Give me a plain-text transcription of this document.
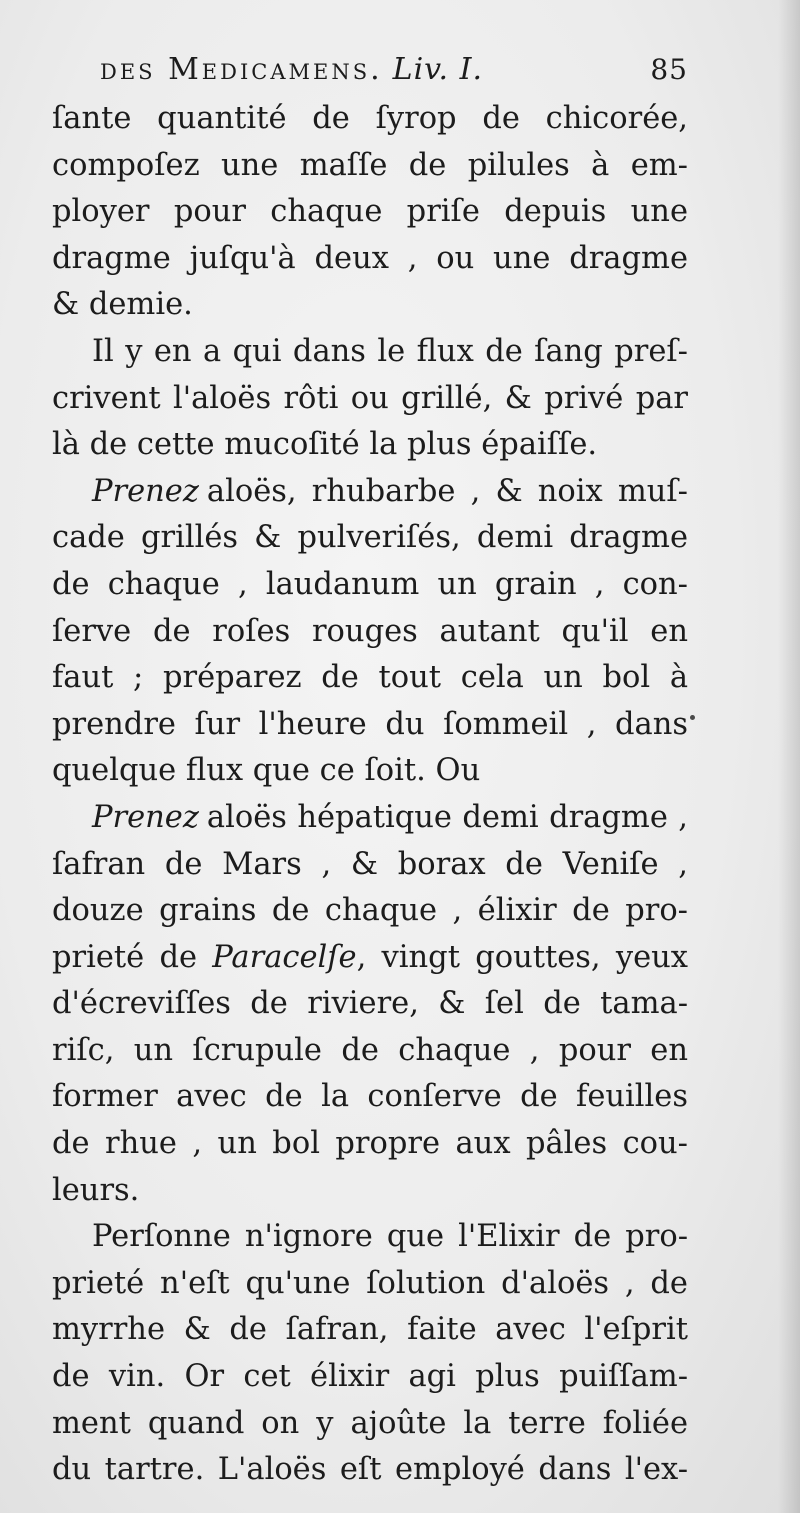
des Medicamens. Liv. I.	85
ſante quantité de ſyrop de chicorée,
compoſez une maſſe de pilules à em-
ployer pour chaque priſe depuis une
dragme juſqu'à deux , ou une dragme
& demie.
Il y en a qui dans le flux de ſang preſ-
crivent l'aloës rôti ou grillé, & privé par
là de cette mucoſité la plus épaiſſe.
Prenez aloës, rhubarbe , & noix muſ-
cade grillés & pulveriſés, demi dragme
de chaque , laudanum un grain , con-
ſerve de roſes rouges autant qu'il en
faut ; préparez de tout cela un bol à
prendre ſur l'heure du ſommeil , dans
quelque flux que ce ſoit. Ou
Prenez aloës hépatique demi dragme ,
ſafran de Mars , & borax de Veniſe ,
douze grains de chaque , élixir de pro-
prieté de Paracelſe, vingt gouttes, yeux
d'écreviſſes de riviere, & ſel de tama-
riſc, un ſcrupule de chaque , pour en
former avec de la conſerve de feuilles
de rhue , un bol propre aux pâles cou-
leurs.
Perſonne n'ignore que l'Elixir de pro-
prieté n'eſt qu'une ſolution d'aloës , de
myrrhe & de ſafran, faite avec l'eſprit
de vin. Or cet élixir agi plus puiſſam-
ment quand on y ajoûte la terre foliée
du tartre. L'aloës eſt employé dans l'ex-
